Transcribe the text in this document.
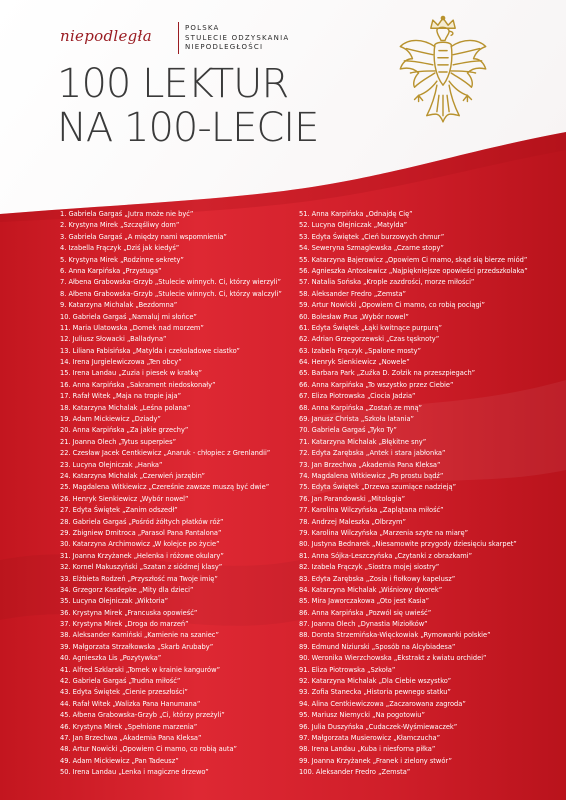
niepodległa	POLSKA
STULECIE ODZYSKANIA
NIEPODLEGŁOŚCI
100 LEKTUR
NA 100-LECIE
1. Gabriela Gargaś „Jutra może nie być”
2. Krystyna Mirek „Szczęśliwy dom”
3. Gabriela Gargaś „A między nami wspomnienia”
4. Izabella Frączyk „Dziś jak kiedyś”
5. Krystyna Mirek „Rodzinne sekrety”
6. Anna Karpińska „Przystuga”
7. Ałbena Grabowska-Grzyb „Stulecie winnych. Ci, którzy wierzyli”
8. Ałbena Grabowska-Grzyb „Stulecie winnych. Ci, którzy walczyli”
9. Katarzyna Michalak „Bezdomna”
10. Gabriela Gargaś „Namaluj mi słońce”
11. Maria Ulatowska „Domek nad morzem”
12. Juliusz Słowacki „Balladyna”
13. Liliana Fabisińska „Matylda i czekoladowe ciastko”
14. Irena Jurgielewiczowa „Ten obcy”
15. Irena Landau „Zuzia i piesek w kratkę”
16. Anna Karpińska „Sakrament niedoskonały”
17. Rafał Witek „Maja na tropie jaja”
18. Katarzyna Michalak „Leśna polana”
19. Adam Mickiewicz „Dziady”
20. Anna Karpińska „Za jakie grzechy”
21. Joanna Olech „Tytus superpies”
22. Czesław Jacek Centkiewicz „Anaruk - chłopiec z Grenlandii”
23. Lucyna Olejniczak „Hanka”
24. Katarzyna Michalak „Czerwień jarzębin”
25. Magdalena Witkiewicz „Czereśnie zawsze muszą być dwie”
26. Henryk Sienkiewicz „Wybór nowel”
27. Edyta Świętek „Zanim odszedł”
28. Gabriela Gargaś „Pośród żółtych płatków róż”
29. Zbigniew Dmitroca „Parasol Pana Pantalona”
30. Katarzyna Archimowicz „W kolejce po życie”
31. Joanna Krzyżanek „Helenka i różowe okulary”
32. Kornel Makuszyński „Szatan z siódmej klasy”
33. Elżbieta Rodzeń „Przyszłość ma Twoje imię”
34. Grzegorz Kasdepke „Mity dla dzieci”
35. Lucyna Olejniczak „Wiktoria”
36. Krystyna Mirek „Francuska opowieść”
37. Krystyna Mirek „Droga do marzeń”
38. Aleksander Kamiński „Kamienie na szaniec”
39. Małgorzata Strzałkowska „Skarb Arubaby”
40. Agnieszka Lis „Pozytywka”
41. Alfred Szklarski „Tomek w krainie kangurów”
42. Gabriela Gargaś „Trudna miłość”
43. Edyta Świętek „Cienie przeszłości”
44. Rafał Witek „Walizka Pana Hanumana”
45. Ałbena Grabowska-Grzyb „Ci, którzy przeżyli”
46. Krystyna Mirek „Spełnione marzenia”
47. Jan Brzechwa „Akademia Pana Kleksa”
48. Artur Nowicki „Opowiem Ci mamo, co robią auta”
49. Adam Mickiewicz „Pan Tadeusz”
50. Irena Landau „Lenka i magiczne drzewo”
51. Anna Karpińska „Odnajdę Cię”
52. Lucyna Olejniczak „Matylda”
53. Edyta Świętek „Cień burzowych chmur”
54. Seweryna Szmaglewska „Czarne stopy”
55. Katarzyna Bajerowicz „Opowiem Ci mamo, skąd się bierze miód”
56. Agnieszka Antosiewicz „Najpiękniejsze opowieści przedszkolaka”
57. Natalia Sońska „Krople zazdrości, morze miłości”
58. Aleksander Fredro „Zemsta”
59. Artur Nowicki „Opowiem Ci mamo, co robią pociągi”
60. Bolesław Prus „Wybór nowel”
61. Edyta Świętek „Łąki kwitnące purpurą”
62. Adrian Grzegorzewski „Czas tęsknoty”
63. Izabela Frączyk „Spalone mosty”
64. Henryk Sienkiewicz „Nowele”
65. Barbara Park „Zuźka D. Zołzik na przeszpiegach”
66. Anna Karpińska „To wszystko przez Ciebie”
67. Eliza Piotrowska „Ciocia Jadzia”
68. Anna Karpińska „Zostań ze mną”
69. Janusz Christa „Szkoła latania”
70. Gabriela Gargaś „Tyko Ty”
71. Katarzyna Michalak „Błękitne sny”
72. Edyta Zarębska „Antek i stara jabłonka”
73. Jan Brzechwa „Akademia Pana Kleksa”
74. Magdalena Witkiewicz „Po prostu bądź”
75. Edyta Świętek „Drzewa szumiące nadzieją”
76. Jan Parandowski „Mitologia”
77. Karolina Wilczyńska „Zaplątana miłość”
78. Andrzej Maleszka „Olbrzym”
79. Karolina Wilczyńska „Marzenia szyte na miarę”
80. Justyna Bednarek „Niesamowite przygody dziesięciu skarpet”
81. Anna Sójka-Leszczyńska „Czytanki z obrazkami”
82. Izabela Frączyk „Siostra mojej siostry”
83. Edyta Zarębska „Zosia i fiołkowy kapelusz”
84. Katarzyna Michalak „Wiśniowy dworek”
85. Mira Jaworczakowa „Oto jest Kasia”
86. Anna Karpińska „Pozwól się uwieść”
87. Joanna Olech „Dynastia Miziołków”
88. Dorota Strzemińska-Więckowiak „Rymowanki polskie”
89. Edmund Niziurski „Sposób na Alcybiadesa”
90. Weronika Wierzchowska „Ekstrakt z kwiatu orchidei”
91. Eliza Piotrowska „Szkoła”
92. Katarzyna Michalak „Dla Ciebie wszystko”
93. Zofia Stanecka „Historia pewnego statku”
94. Alina Centkiewiczowa „Zaczarowana zagroda”
95. Mariusz Niemycki „Na pogotowiu”
96. Julia Duszyńska „Cudaczek-Wyśmiewaczek”
97. Małgorzata Musierowicz „Kłamczucha”
98. Irena Landau „Kuba i niesforna piłka”
99. Joanna Krzyżanek „Franek i zielony stwór”
100. Aleksander Fredro „Zemsta”
